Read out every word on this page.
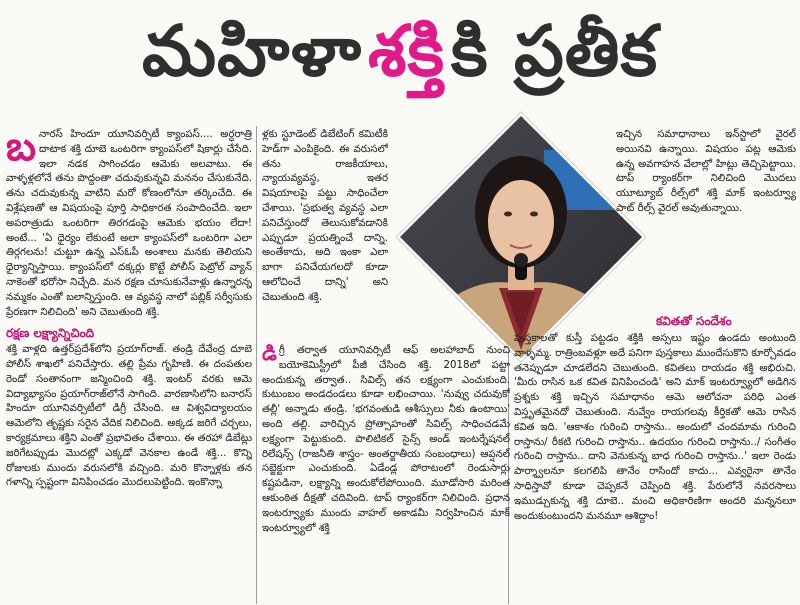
మహిళా శక్తి కి ప్రతీక

బ నారస్ హిందూ యూనివర్సిటీ క్యాంపస్.... అర్ధరాత్రి దాటాక శక్తి దూబె ఒంటరిగా క్యాంపస్‌లో షికార్లు చేసేది. ఇలా నడక సాగించడం ఆమెకు అలవాటు. ఈ వాళ్ళళ్లలోనే తను పొద్దంతా చదువుకున్నవి మననం చేసుకునేది. తను చదువుకున్న వాటిని మరో కోణంలోనూ తర్కించేది. ఈ విశ్లేషణతో ఆ విషయంపై పూర్తి సాధికారత సంపాదించేది. ఇలా అపరాత్రుడు ఒంటరిగా తిరగడంపై ఆమెకు భయం లేదా! అంటే... 'ఏ ధైర్యం లేకుంటే అలా క్యాంపస్‌లో ఒంటరిగా ఎలా తిర్గగలను! చుట్టూ ఉన్న ఎస్‌ఓపీ అంశాలు మనకు తెలియని ధైర్యాన్నిస్తాయి. క్యాంపస్‌లో దక్కర్లు కొట్టే పోలీస్ పెట్రోల్ వ్యాన్ నాకెంతో భరోసా నిచ్చేది. మన రక్షణ చూసుకునేవాళ్లు ఉన్నారన్న నమ్మకం ఎంతో బలాన్నిస్తుంది. ఆ వ్యవస్థ నాలో పబ్లిక్ సర్వీసుకు ప్రేరణగా నిలిచింది' అని చెబుతుంది శక్తి.

రక్షణ లక్ష్యాన్నిచింది

శక్తి వాళ్లది ఉత్తర్‌ప్రదేశ్‌లోని ప్రయాగ్‌రాజ్. తండ్రి దేవేంద్ర దూబె పోలీస్ శాఖలో పనిచేస్తారు. తల్లి ప్రేమ గృహిణి. ఈ దంపతుల రెండో సంతానంగా జన్మించింది శక్తి. ఇంటర్ వరకు ఆమె విద్యాభ్యాసం ప్రయాగ్‌రాజ్‌లోనే సాగింది. వారణాసిలోని బనారస్ హిందూ యూనివర్సిటీలో డిగ్రీ చేసింది. ఆ విశ్వవిద్యాలయం ఆమెలోని తృష్ణకు సరైన వేదిక నిలిచింది. అక్కడ జరిగే చర్చలు, కార్యక్రమాలు శక్తిని ఎంతో ప్రభావితం చేశాయి. ఈ తరహా డిబేట్లు జరిగేటప్పుడు మొదట్లో ఎక్కడో వెనకాల ఉండే శక్తి... కొన్ని రోజులకు ముందు వరుసలోకి వచ్చింది. మరి కొన్నాళ్లకు తన గళాన్ని స్పష్టంగా వినిపించడం మొదలుపెట్టింది. ఇంకొన్నా

ళ్లకు స్టూడెంట్ డిబేటింగ్ కమిటీకి హెడ్‌గా ఎంపికైంది. ఈ వరుసలో తను రాజకీయాలు, న్యాయవ్యవస్థ, ఇతర విషయాలపై పట్టు సాధించేలా చేశాయి. 'ప్రభుత్వ వ్యవస్థ ఎలా పనిచేస్తుందో తెలుసుకోవడానికి ఎప్పుడూ ప్రయత్నించే దాన్ని. అంతేకాదు, అది ఇంకా ఎలా బాగా పనిచేయగలదో కూడా ఆలోచించే దాన్ని' అని చెబుతుంది శక్తి.

డి గ్రీ తర్వాత యూనివర్సిటీ ఆఫ్ అలహాబాద్ నుంచి బయోకెమిస్ట్రీలో పీజీ చేసింది శక్తి. 2018లో పట్టా అందుకున్న తర్వాత.. సివిల్స్ తన లక్ష్యంగా ఎంచుకుంది. కుటుంబం అండదండలు కూడా లభించాయి. 'నువ్వు చదువుకో తల్లీ' అన్నాడు తండ్రి. 'భగవంతుడి ఆశీస్సులు నీకు ఉంటాయి' అంది తల్లి. వారిచ్చిన ప్రోత్సాహంతో సివిల్స్ సాధించడమే లక్ష్యంగా పెట్టుకుంది. పొలిటికల్ సైన్స్ అండ్ ఇంటర్నేషనల్ రిలేషన్స్ (రాజనీతి శాస్త్రం- అంతర్జాతీయ సంబంధాలు) ఆప్షనల్ సబ్జెక్టుగా ఎంచుకుంది. ఏడేండ్ల పోరాటంలో రెండుసార్లు కష్టపడినా, లక్ష్యాన్ని అందుకోలేపోయింది. మూడోసారి మరింత ఆకుంఠిత దీక్షతో చదివింది. టాప్ ర్యాంకర్‌గా నిలిచింది. ప్రధాన ఇంటర్వ్యూకు ముందు వాహల్ అకాడమీ నిర్వహించిన మాక్ ఇంటర్వ్యూలో శక్తి

ఇచ్చిన సమాధానాలు ఇన్‌స్టాలో వైరల్ అయినవి ఉన్నాయి. విషయం పట్ల ఆమెకు ఉన్న అవగాహన వేలాల్లో హిట్లు తెచ్చిపెట్టాయి. టాప్ ర్యాంకర్‌గా నిలిచింది మొదలు యూట్యూబ్ రీల్స్‌లో శక్తి మాక్ ఇంటర్వ్యూ పాట్ రీల్స్ వైరల్ అవుతున్నాయి.

కవితతో సందేశం

పుస్తకాలతో కుస్తీ పట్టడం శక్తికి అస్సలు ఇష్టం ఉండదు అంటుంది వాళ్ళమ్మ. రాత్రింబవళ్లూ అదే పనిగా పుస్తకాలు ముందేసుకొని కూర్చోవడం తనెప్పుడూ చూడలేదని చెబుతుంది. కవితలు రాయడం శక్తి అభిరుచి. 'మీరు రాసిన ఒక కవిత వినిపించండి' అని మాక్ ఇంటర్వ్యూలో అడిగిన ప్రశ్నకు శక్తి ఇచ్చిన సమాధానం ఆమె ఆలోచనా పరిధి ఎంత విస్తృతమైనదో చెబుతుంది. నువ్వేం రాయగలవు కీర్తికతో ఆమె రాసిన కవిత ఇది. 'ఆకాశం గురించి రాస్తాను.. అందులో చందమామ గురించి రాస్తాను/ రీకటి గురించి రాస్తాను.. ఉదయం గురించి రాస్తాను../ సంగీతం గురించి రాస్తాను.. దాని వెనుకున్న బాధ గురించి రాస్తాను..' ఇలా రెండు పార్శ్వాలనూ కలగలిపి తానేం రాసిందో కాదు... ఎవ్వరైనా తానేం సాధిస్తావో కూడా చెప్పకనే చెప్పింది శక్తి. పేరులోనే నవరసాలు ఇముడ్చుకున్న శక్తి దూబె.. మంచి అధికారిణిగా అందరి మన్ననలూ అందుకుంటుందని మనమూ ఆశిద్దాం!
